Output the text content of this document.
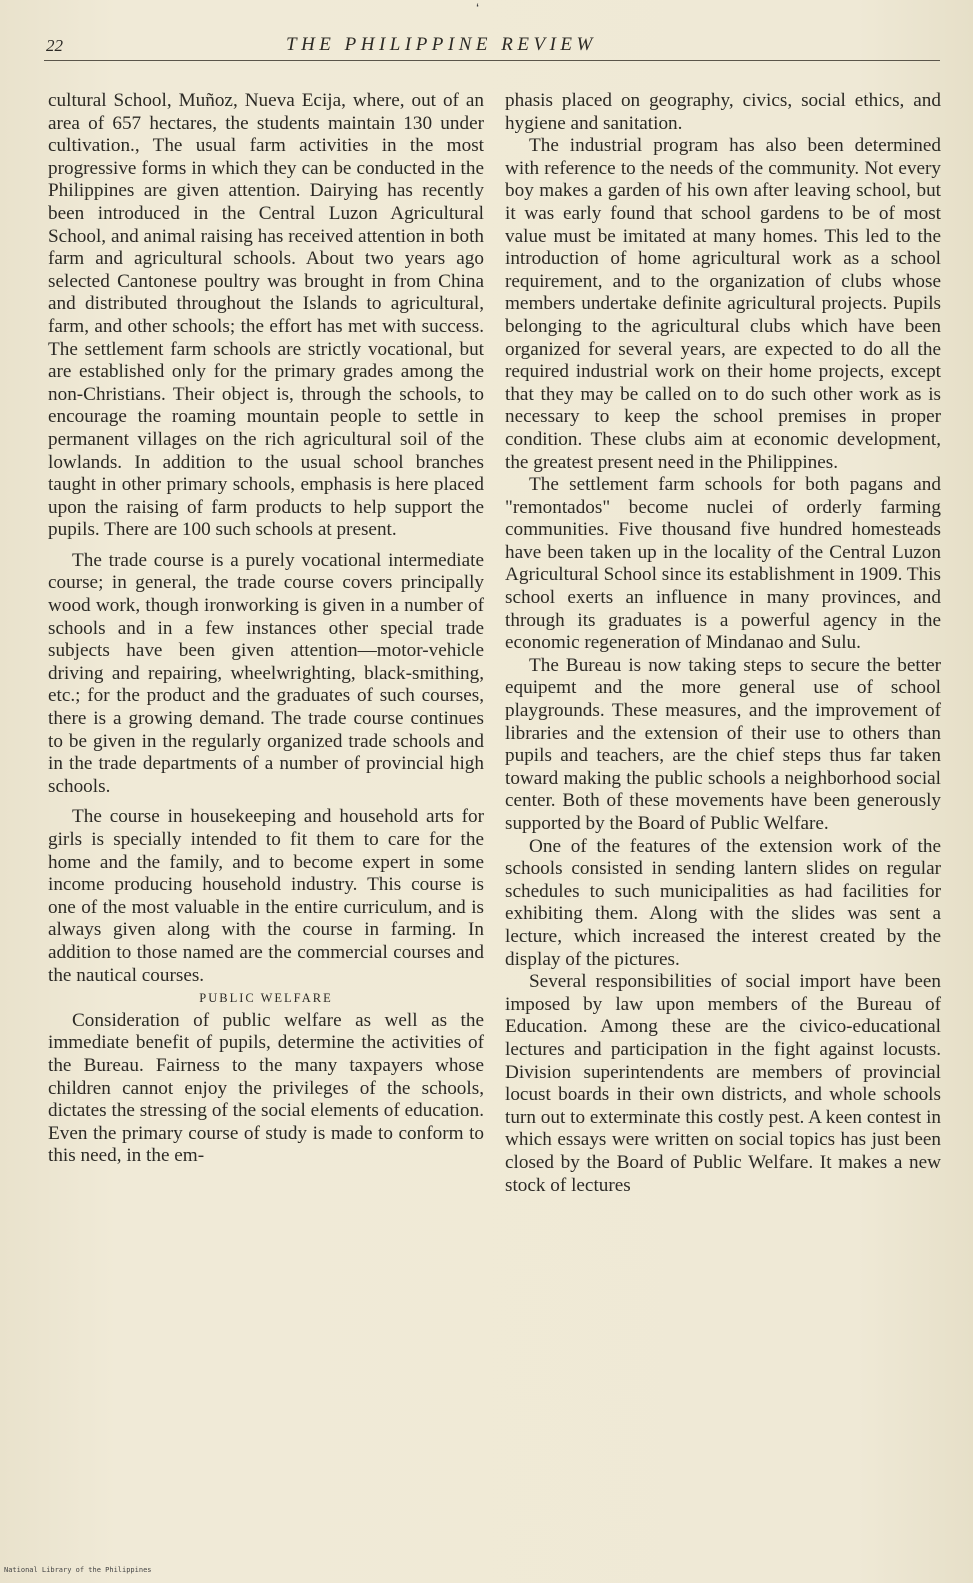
‘
22	THE PHILIPPINE REVIEW

cultural School, Muñoz, Nueva Ecija, where, out of an area of 657 hectares, the students maintain 130 under cultivation., The usual farm activities in the most progressive forms in which they can be conducted in the Philippines are given attention. Dairying has recently been introduced in the Central Luzon Agricultural School, and animal raising has received attention in both farm and agricultural schools. About two years ago selected Cantonese poultry was brought in from China and distributed throughout the Islands to agricultural, farm, and other schools; the effort has met with success. The settlement farm schools are strictly vocational, but are established only for the primary grades among the non-Christians. Their object is, through the schools, to encourage the roaming mountain people to settle in permanent villages on the rich agricultural soil of the lowlands. In addition to the usual school branches taught in other primary schools, emphasis is here placed upon the raising of farm products to help support the pupils. There are 100 such schools at present.

The trade course is a purely vocational intermediate course; in general, the trade course covers principally wood work, though ironworking is given in a number of schools and in a few instances other special trade subjects have been given attention—motor-vehicle driving and repairing, wheelwrighting, black-smithing, etc.; for the product and the graduates of such courses, there is a growing demand. The trade course continues to be given in the regularly organized trade schools and in the trade departments of a number of provincial high schools.

The course in housekeeping and household arts for girls is specially intended to fit them to care for the home and the family, and to become expert in some income producing household industry. This course is one of the most valuable in the entire curriculum, and is always given along with the course in farming. In addition to those named are the commercial courses and the nautical courses.

PUBLIC WELFARE

Consideration of public welfare as well as the immediate benefit of pupils, determine the activities of the Bureau. Fairness to the many taxpayers whose children cannot enjoy the privileges of the schools, dictates the stressing of the social elements of education. Even the primary course of study is made to conform to this need, in the em-

phasis placed on geography, civics, social ethics, and hygiene and sanitation.

The industrial program has also been determined with reference to the needs of the community. Not every boy makes a garden of his own after leaving school, but it was early found that school gardens to be of most value must be imitated at many homes. This led to the introduction of home agricultural work as a school requirement, and to the organization of clubs whose members undertake definite agricultural projects. Pupils belonging to the agricultural clubs which have been organized for several years, are expected to do all the required industrial work on their home projects, except that they may be called on to do such other work as is necessary to keep the school premises in proper condition. These clubs aim at economic development, the greatest present need in the Philippines.

The settlement farm schools for both pagans and "remontados" become nuclei of orderly farming communities. Five thousand five hundred homesteads have been taken up in the locality of the Central Luzon Agricultural School since its establishment in 1909. This school exerts an influence in many provinces, and through its graduates is a powerful agency in the economic regeneration of Mindanao and Sulu.

The Bureau is now taking steps to secure the better equipemt and the more general use of school playgrounds. These measures, and the improvement of libraries and the extension of their use to others than pupils and teachers, are the chief steps thus far taken toward making the public schools a neighborhood social center. Both of these movements have been generously supported by the Board of Public Welfare.

One of the features of the extension work of the schools consisted in sending lantern slides on regular schedules to such municipalities as had facilities for exhibiting them. Along with the slides was sent a lecture, which increased the interest created by the display of the pictures.

Several responsibilities of social import have been imposed by law upon members of the Bureau of Education. Among these are the civico-educational lectures and participation in the fight against locusts. Division superintendents are members of provincial locust boards in their own districts, and whole schools turn out to exterminate this costly pest. A keen contest in which essays were written on social topics has just been closed by the Board of Public Welfare. It makes a new stock of lectures

National Library of the Philippines
